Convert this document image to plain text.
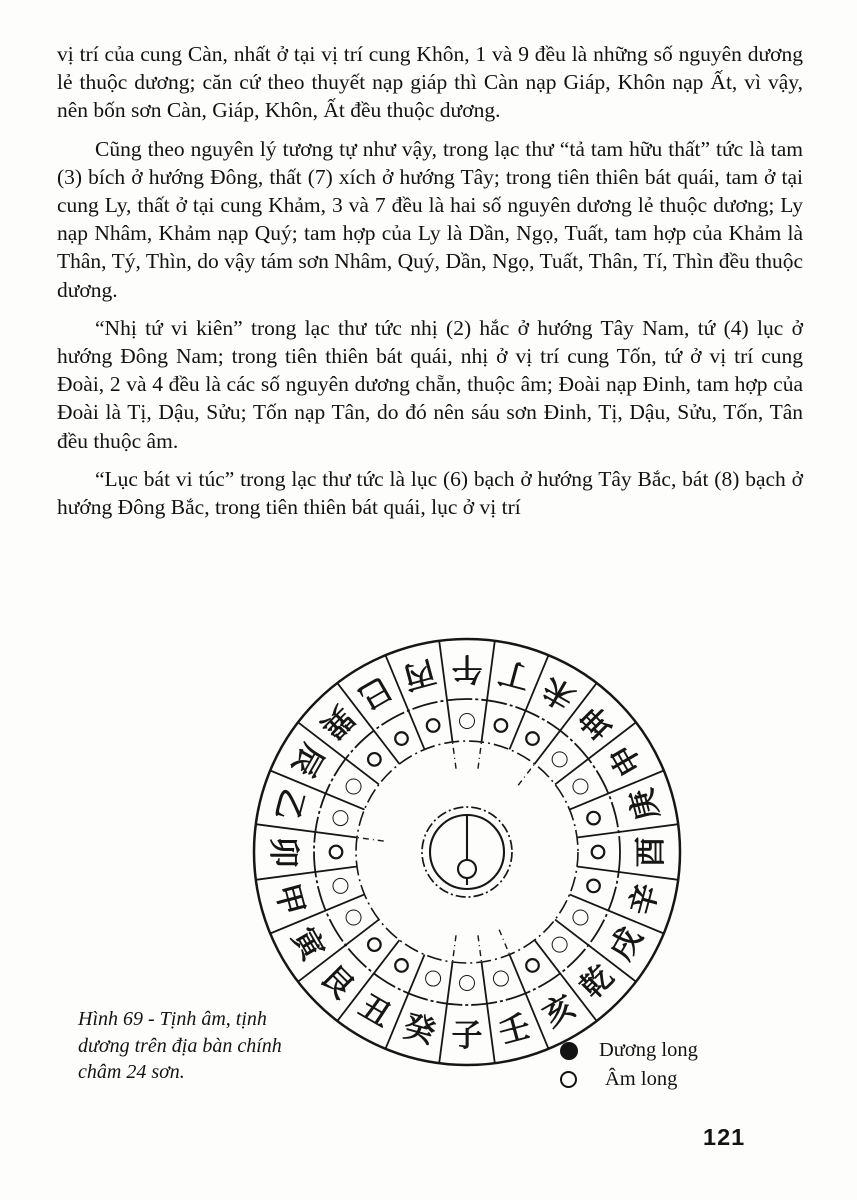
vị trí của cung Càn, nhất ở tại vị trí cung Khôn, 1 và 9 đều là những số nguyên dương lẻ thuộc dương; căn cứ theo thuyết nạp giáp thì Càn nạp Giáp, Khôn nạp Ất, vì vậy, nên bốn sơn Càn, Giáp, Khôn, Ất đều thuộc dương.

Cũng theo nguyên lý tương tự như vậy, trong lạc thư “tả tam hữu thất” tức là tam (3) bích ở hướng Đông, thất (7) xích ở hướng Tây; trong tiên thiên bát quái, tam ở tại cung Ly, thất ở tại cung Khảm, 3 và 7 đều là hai số nguyên dương lẻ thuộc dương; Ly nạp Nhâm, Khảm nạp Quý; tam hợp của Ly là Dần, Ngọ, Tuất, tam hợp của Khảm là Thân, Tý, Thìn, do vậy tám sơn Nhâm, Quý, Dần, Ngọ, Tuất, Thân, Tí, Thìn đều thuộc dương.

“Nhị tứ vi kiên” trong lạc thư tức nhị (2) hắc ở hướng Tây Nam, tứ (4) lục ở hướng Đông Nam; trong tiên thiên bát quái, nhị ở vị trí cung Tốn, tứ ở vị trí cung Đoài, 2 và 4 đều là các số nguyên dương chẵn, thuộc âm; Đoài nạp Đinh, tam hợp của Đoài là Tị, Dậu, Sửu; Tốn nạp Tân, do đó nên sáu sơn Đinh, Tị, Dậu, Sửu, Tốn, Tân đều thuộc âm.

“Lục bát vi túc” trong lạc thư tức là lục (6) bạch ở hướng Tây Bắc, bát (8) bạch ở hướng Đông Bắc, trong tiên thiên bát quái, lục ở vị trí

午 丁 未
坤
申
庚
酉
辛
戌
乾
亥
壬
子
癸
丑
艮
寅
甲
卯
乙
辰
巽
巳 丙
Hình 69 - Tịnh âm, tịnh
dương trên địa bàn chính
châm 24 sơn.
Dương long
Âm long
121
